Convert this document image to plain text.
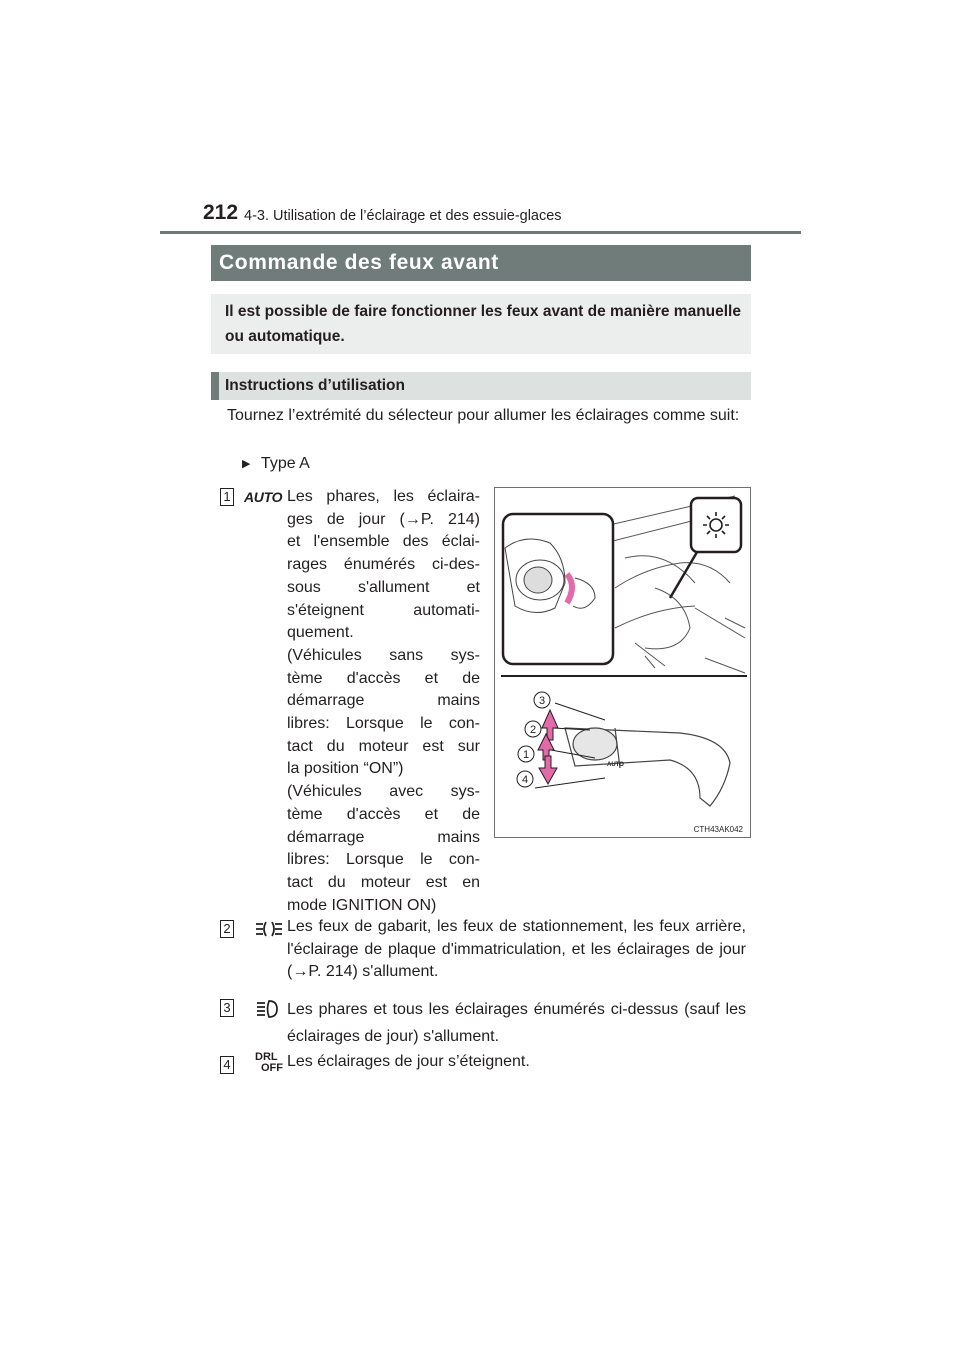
212 4-3. Utilisation de l’éclairage et des essuie-glaces
Commande des feux avant
Il est possible de faire fonctionner les feux avant de manière manuelle ou automatique.
Instructions d’utilisation
Tournez l’extrémité du sélecteur pour allumer les éclairages comme suit:
▶ Type A
1 AUTO Les phares, les éclaira-
ges de jour (→P. 214)
et l'ensemble des éclai-
rages énumérés ci-des-
sous s'allument et
s'éteignent automati-
quement.
(Véhicules sans sys-
tème d'accès et de
démarrage mains
libres: Lorsque le con-
tact du moteur est sur
la position “ON”)
(Véhicules avec sys-
tème d'accès et de
démarrage mains
libres: Lorsque le con-
tact du moteur est en
mode IGNITION ON)
3
2
1
4
AUTO
CTH43AK042
2	Les feux de gabarit, les feux de stationnement, les feux arrière, l'éclairage de plaque d'immatriculation, et les éclairages de jour (→P. 214) s'allument.
3	Les phares et tous les éclairages énumérés ci-dessus (sauf les éclairages de jour) s'allument.
4	DRL
OFF Les éclairages de jour s’éteignent.
